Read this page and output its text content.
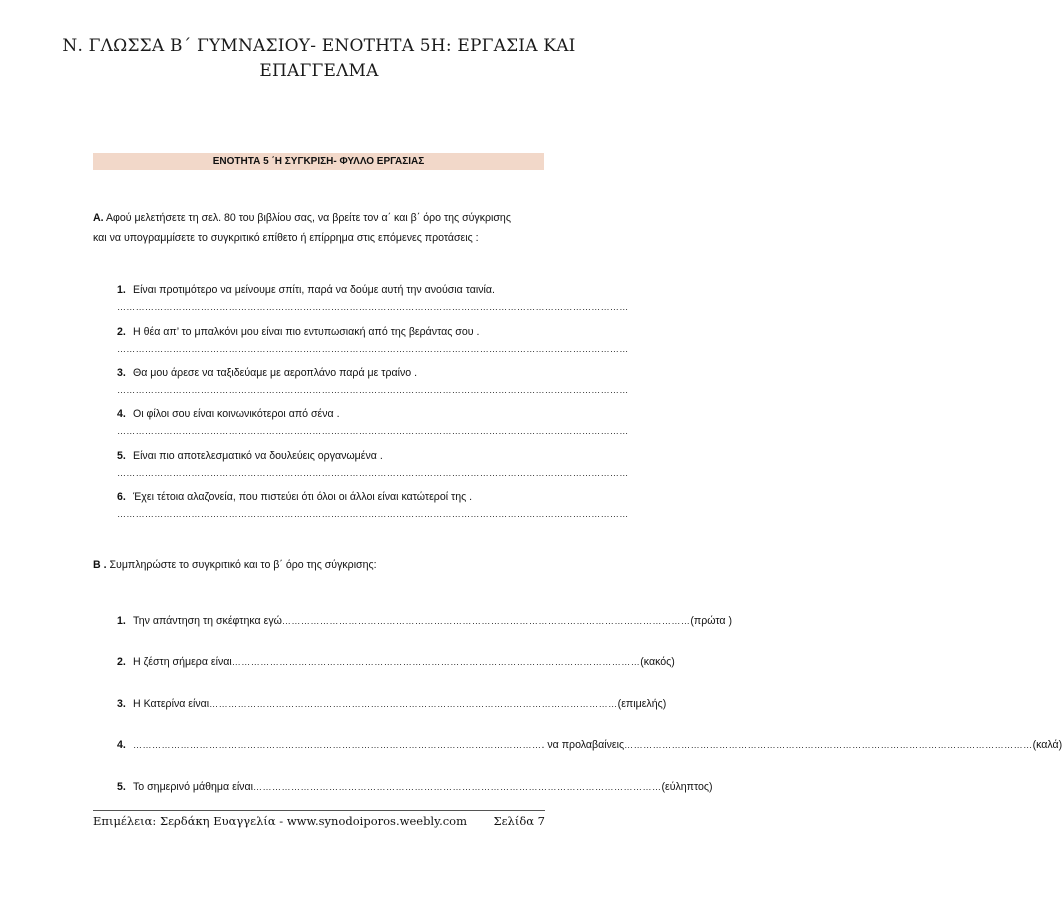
Ν. ΓΛΩΣΣΑ Β΄ ΓΥΜΝΑΣΙΟΥ- ΕΝΟΤΗΤΑ 5Η: ΕΡΓΑΣΙΑ ΚΑΙ
ΕΠΑΓΓΕΛΜΑ
ΕΝΟΤΗΤΑ 5 ΄Η ΣΥΓΚΡΙΣΗ- ΦΥΛΛΟ ΕΡΓΑΣΙΑΣ
Α. Αφού μελετήσετε τη σελ. 80 του βιβλίου σας, να βρείτε τον α΄ και β΄ όρο της σύγκρισης
και να υπογραμμίσετε το συγκριτικό επίθετο ή επίρρημα στις επόμενες προτάσεις :
1. Είναι προτιμότερο να μείνουμε σπίτι, παρά να δούμε αυτή την ανούσια ταινία.
…………………………………………………………………………………………………………………………………………………
2. Η θέα απ’ το μπαλκόνι μου είναι πιο εντυπωσιακή από της βεράντας σου .
…………………………………………………………………………………………………………………………………………………
3. Θα μου άρεσε να ταξιδεύαμε με αεροπλάνο παρά με τραίνο .
…………………………………………………………………………………………………………………………………………………
4. Οι φίλοι σου είναι κοινωνικότεροι από σένα .
…………………………………………………………………………………………………………………………………………………
5. Είναι πιο αποτελεσματικό να δουλεύεις οργανωμένα .
…………………………………………………………………………………………………………………………………………………
6. Έχει τέτοια αλαζονεία, που πιστεύει ότι όλοι οι άλλοι είναι κατώτεροί της .
…………………………………………………………………………………………………………………………………………………
Β . Συμπληρώστε το συγκριτικό και το β΄ όρο της σύγκρισης:
1. Την απάντηση τη σκέφτηκα εγώ ………………………………………………………………………………………………………………… (πρώτα )
2. Η ζέστη σήμερα είναι ………………………………………………………………………………………………………………… (κακός)
3. Η Κατερίνα είναι ………………………………………………………………………………………………………………… (επιμελής)
4. ………………………………………………………………………………………………………………… . να προλαβαίνεις ………………………………………………………………………………………………………………… (καλά)
5. Το σημερινό μάθημα είναι ………………………………………………………………………………………………………………… (εύληπτος)
Επιμέλεια: Σερδάκη Ευαγγελία - www.synodoiporos.weebly.com Σελίδα 7
